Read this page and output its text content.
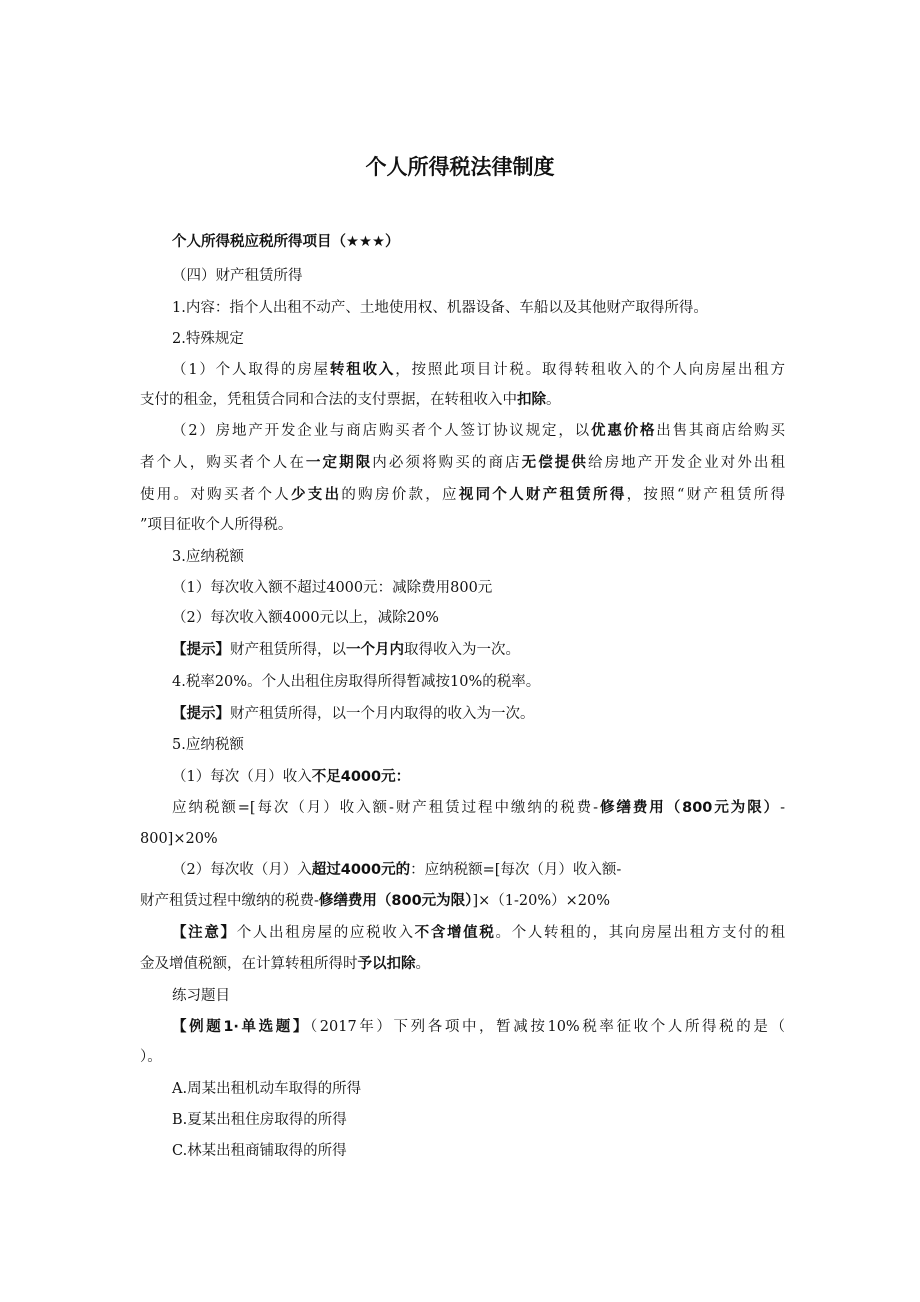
个人所得税法律制度
个人所得税应税所得项目（★★★）
（四）财产租赁所得
1.内容：指个人出租不动产、土地使用权、机器设备、车船以及其他财产取得所得。
2.特殊规定
（1）个人取得的房屋转租收入，按照此项目计税。取得转租收入的个人向房屋出租方
支付的租金，凭租赁合同和合法的支付票据，在转租收入中扣除。
（2）房地产开发企业与商店购买者个人签订协议规定，以优惠价格出售其商店给购买
者个人，购买者个人在一定期限内必须将购买的商店无偿提供给房地产开发企业对外出租
使用。对购买者个人少支出的购房价款，应视同个人财产租赁所得，按照“财产租赁所得
”项目征收个人所得税。
3.应纳税额
（1）每次收入额不超过4000元：减除费用800元
（2）每次收入额4000元以上，减除20%
【提示】财产租赁所得，以一个月内取得收入为一次。
4.税率20%。个人出租住房取得所得暂减按10%的税率。
【提示】财产租赁所得，以一个月内取得的收入为一次。
5.应纳税额
（1）每次（月）收入不足4000元：
应纳税额=[每次（月）收入额-财产租赁过程中缴纳的税费-修缮费用（800元为限）-
800]×20%
（2）每次收（月）入超过4000元的：应纳税额=[每次（月）收入额-
财产租赁过程中缴纳的税费-修缮费用（800元为限）]×（1-20%）×20%
【注意】个人出租房屋的应税收入不含增值税。个人转租的，其向房屋出租方支付的租
金及增值税额，在计算转租所得时予以扣除。
练习题目
【例题1·单选题】（2017年）下列各项中，暂减按10%税率征收个人所得税的是（
）。
A.周某出租机动车取得的所得
B.夏某出租住房取得的所得
C.林某出租商铺取得的所得
